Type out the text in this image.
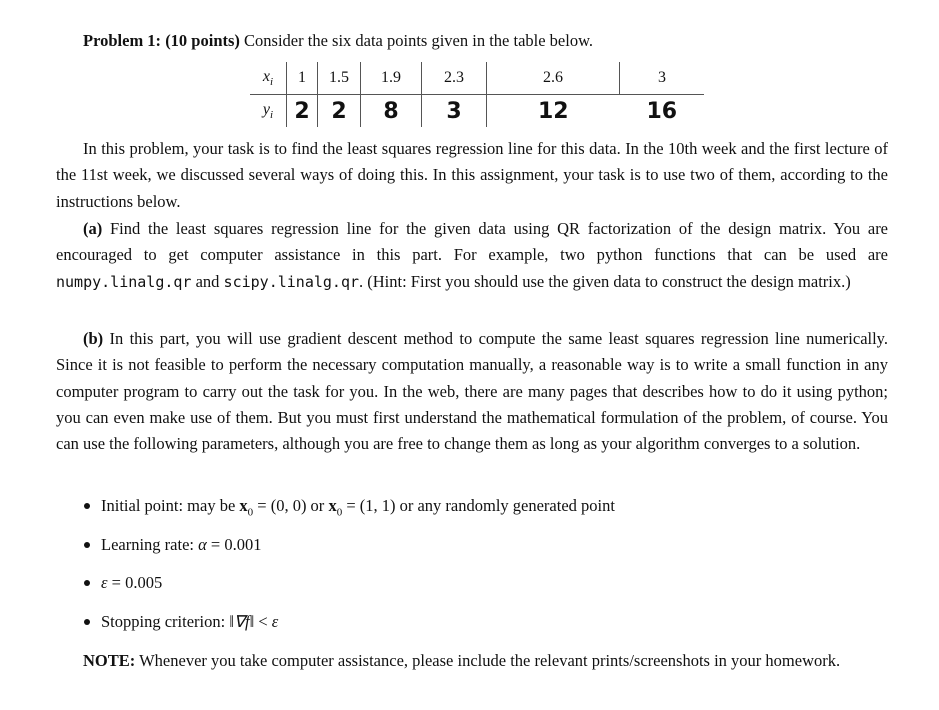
Problem 1: (10 points) Consider the six data points given in the table below.
$x_i$	1	1.5	1.9	2.3	2.6	3
$y_i$	2	2	8	3	12	16
In this problem, your task is to find the least squares regression line for this data. In the 10th week and the first lecture of the 11st week, we discussed several ways of doing this. In this assignment, your task is to use two of them, according to the instructions below.
(a) Find the least squares regression line for the given data using QR factorization of the design matrix. You are encouraged to get computer assistance in this part. For example, two python functions that can be used are numpy.linalg.qr and scipy.linalg.qr. (Hint: First you should use the given data to construct the design matrix.)
(b) In this part, you will use gradient descent method to compute the same least squares regression line numerically. Since it is not feasible to perform the necessary computation manually, a reasonable way is to write a small function in any computer program to carry out the task for you. In the web, there are many pages that describes how to do it using python; you can even make use of them. But you must first understand the mathematical formulation of the problem, of course. You can use the following parameters, although you are free to change them as long as your algorithm converges to a solution.
Initial point: may be $x_0 = (0$, 0) or $x_0 = (1$, 1) or any randomly generated point
Learning rate: α = 0.001
ε = 0.005
Stopping criterion: ‖∇f‖ < ε
NOTE: Whenever you take computer assistance, please include the relevant prints/screenshots in your homework.
